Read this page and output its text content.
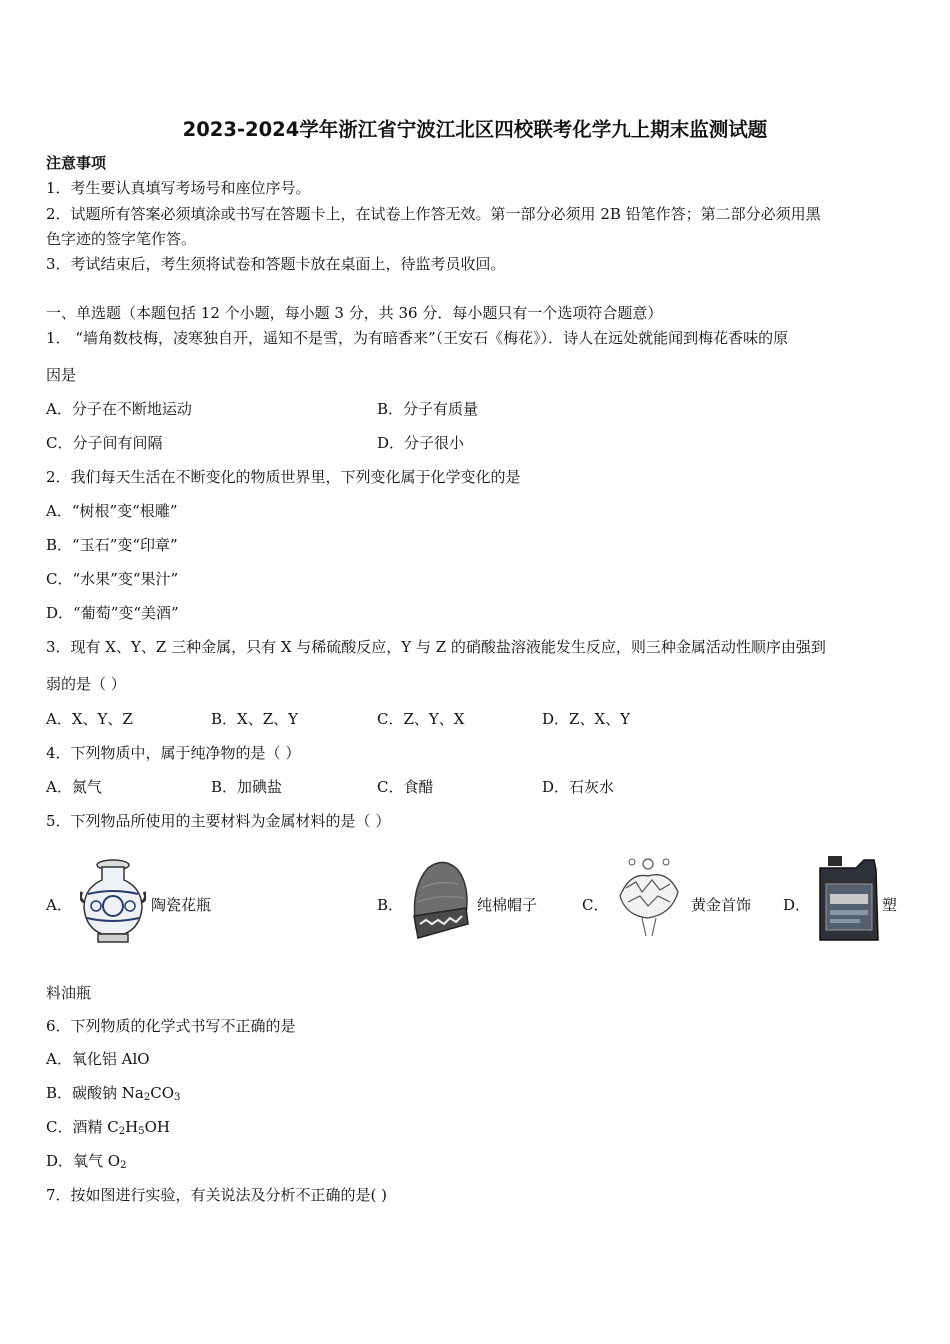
2023-2024学年浙江省宁波江北区四校联考化学九上期末监测试题
注意事项
1．考生要认真填写考场号和座位序号。
2．试题所有答案必须填涂或书写在答题卡上，在试卷上作答无效。第一部分必须用 2B 铅笔作答；第二部分必须用黑
色字迹的签字笔作答。
3．考试结束后，考生须将试卷和答题卡放在桌面上，待监考员收回。
一、单选题（本题包括 12 个小题，每小题 3 分，共 36 分．每小题只有一个选项符合题意）
1． “墙角数枝梅，凌寒独自开，遥知不是雪，为有暗香来”（王安石《梅花》）．诗人在远处就能闻到梅花香味的原
因是
A．分子在不断地运动	B．分子有质量
C．分子间有间隔	D．分子很小
2．我们每天生活在不断变化的物质世界里，下列变化属于化学变化的是
A．“树根”变“根雕”
B．“玉石”变“印章”
C．“水果”变“果汁”
D．“葡萄”变“美酒”
3．现有 X、Y、Z 三种金属，只有 X 与稀硫酸反应，Y 与 Z 的硝酸盐溶液能发生反应，则三种金属活动性顺序由强到
弱的是（ ）
A．X、Y、Z	B．X、Z、Y	C．Z、Y、X	D．Z、X、Y
4．下列物质中，属于纯净物的是（ ）
A．氮气	B．加碘盐	C．食醋	D．石灰水
5．下列物品所使用的主要材料为金属材料的是（ ）
A．	陶瓷花瓶	B．	纯棉帽子	C．	黄金首饰 D．	塑
料油瓶
6．下列物质的化学式书写不正确的是
A．氧化铝 AlO
B．碳酸钠 $Na_2CO_3$
C．酒精 $C_2H_5OH$
D．氧气 $O_2$
7．按如图进行实验，有关说法及分析不正确的是( )
